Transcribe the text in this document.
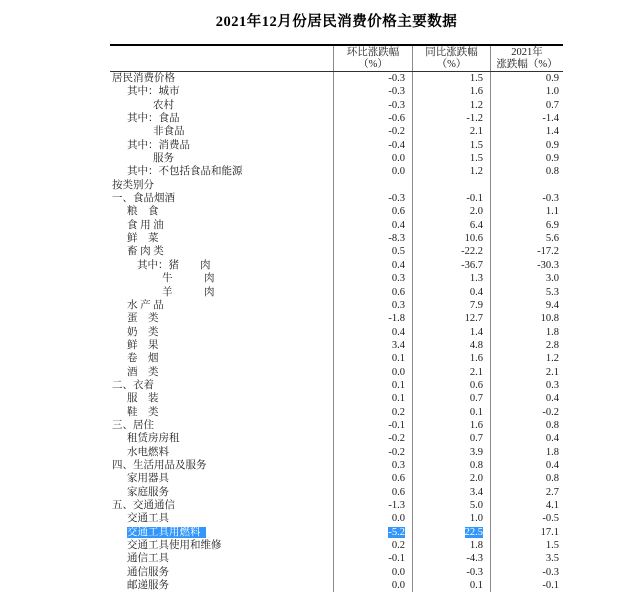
2021年12月份居民消费价格主要数据
环比涨跌幅
（%）
同比涨跌幅
（%）
2021年
涨跌幅（%）
居民消费价格	-0.3	1.5	0.9
其中：城市	-0.3	1.6	1.0
农村	-0.3	1.2	0.7
其中：食品	-0.6	-1.2	-1.4
非食品	-0.2	2.1	1.4
其中：消费品	-0.4	1.5	0.9
服务	0.0	1.5	0.9
其中：不包括食品和能源	0.0	1.2	0.8
按类别分
一、食品烟酒	-0.3	-0.1	-0.3
粮　食	0.6	2.0	1.1
食 用 油	0.4	6.4	6.9
鲜　菜	-8.3	10.6	5.6
畜 肉 类	0.5	-22.2	-17.2
其中：猪　　肉	0.4	-36.7	-30.3
牛　　　肉	0.3	1.3	3.0
羊　　　肉	0.6	0.4	5.3
水 产 品	0.3	7.9	9.4
蛋　类	-1.8	12.7	10.8
奶　类	0.4	1.4	1.8
鲜　果	3.4	4.8	2.8
卷　烟	0.1	1.6	1.2
酒　类	0.0	2.1	2.1
二、衣着	0.1	0.6	0.3
服　装	0.1	0.7	0.4
鞋　类	0.2	0.1	-0.2
三、居住	-0.1	1.6	0.8
租赁房房租	-0.2	0.7	0.4
水电燃料	-0.2	3.9	1.8
四、生活用品及服务	0.3	0.8	0.4
家用器具	0.6	2.0	0.8
家庭服务	0.6	3.4	2.7
五、交通通信	-1.3	5.0	4.1
交通工具	0.0	1.0	-0.5
交通工具用燃料	-5.2	22.5	17.1
交通工具使用和维修	0.2	1.8	1.5
通信工具	-0.1	-4.3	3.5
通信服务	0.0	-0.3	-0.3
邮递服务	0.0	0.1	-0.1
